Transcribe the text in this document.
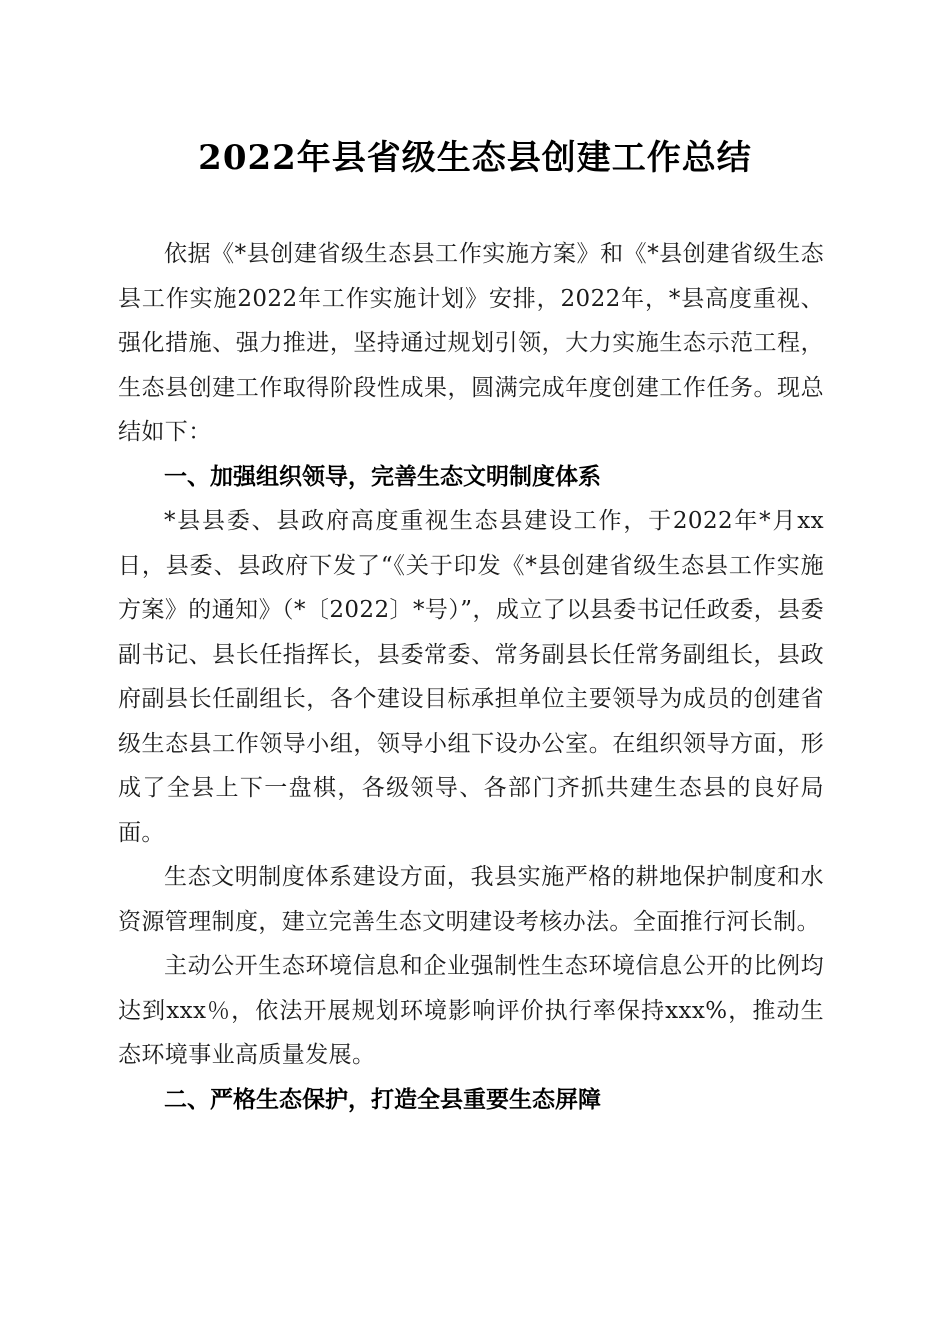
2022年县省级生态县创建工作总结

依据《*县创建省级生态县工作实施方案》和《*县创建省级生态县工作实施2022年工作实施计划》安排，2022年，*县高度重视、强化措施、强力推进，坚持通过规划引领，大力实施生态示范工程，生态县创建工作取得阶段性成果，圆满完成年度创建工作任务。现总结如下：

一、加强组织领导，完善生态文明制度体系

*县县委、县政府高度重视生态县建设工作，于2022年*月xx日，县委、县政府下发了“《关于印发《*县创建省级生态县工作实施方案》的通知》（*〔2022〕*号）”，成立了以县委书记任政委，县委副书记、县长任指挥长，县委常委、常务副县长任常务副组长，县政府副县长任副组长，各个建设目标承担单位主要领导为成员的创建省级生态县工作领导小组，领导小组下设办公室。在组织领导方面，形成了全县上下一盘棋，各级领导、各部门齐抓共建生态县的良好局面。

生态文明制度体系建设方面，我县实施严格的耕地保护制度和水资源管理制度，建立完善生态文明建设考核办法。全面推行河长制。

主动公开生态环境信息和企业强制性生态环境信息公开的比例均达到xxx％，依法开展规划环境影响评价执行率保持xxx%，推动生态环境事业高质量发展。

二、严格生态保护，打造全县重要生态屏障
